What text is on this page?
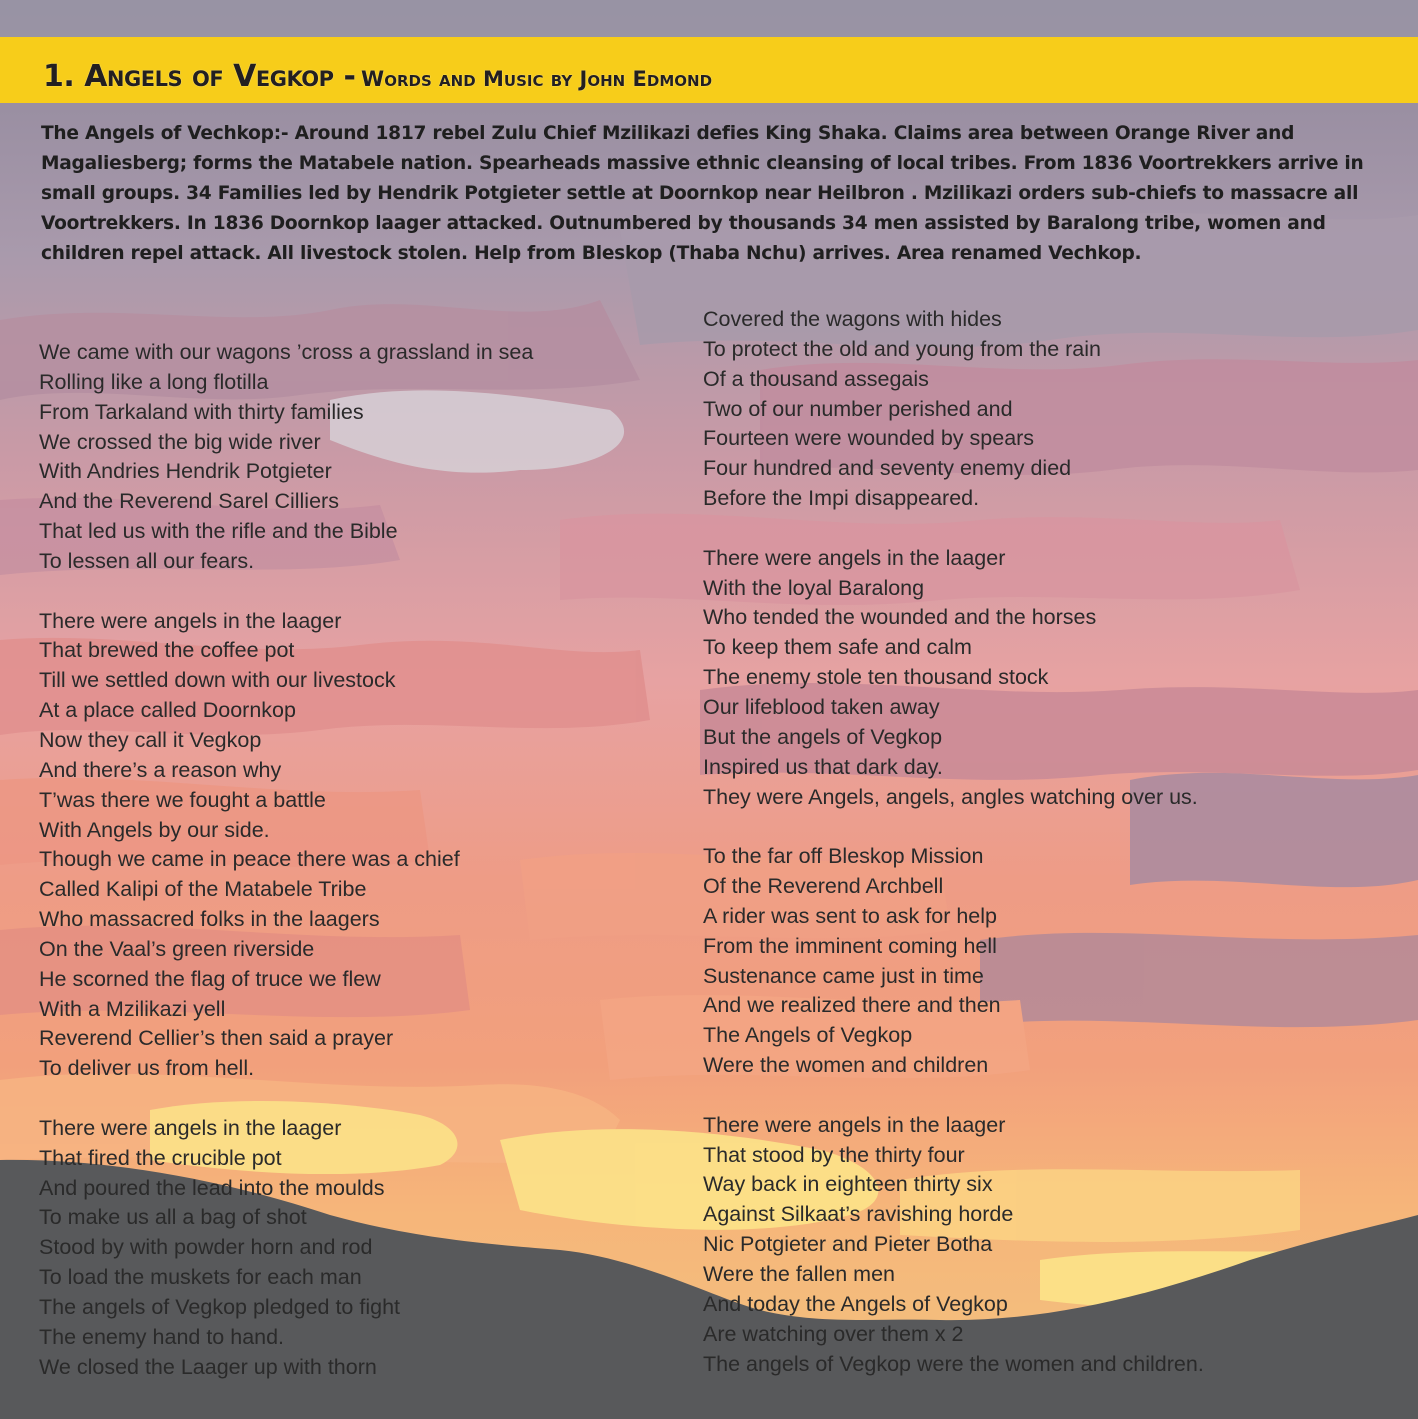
1. Angels of Vegkop - Words and Music by John Edmond
The Angels of Vechkop:- Around 1817 rebel Zulu Chief Mzilikazi defies King Shaka. Claims area between Orange River and Magaliesberg; forms the Matabele nation. Spearheads massive ethnic cleansing of local tribes. From 1836 Voortrekkers arrive in small groups. 34 Families led by Hendrik Potgieter settle at Doornkop near Heilbron . Mzilikazi orders sub-chiefs to massacre all Voortrekkers. In 1836 Doornkop laager attacked. Outnumbered by thousands 34 men assisted by Baralong tribe, women and children repel attack. All livestock stolen. Help from Bleskop (Thaba Nchu) arrives. Area renamed Vechkop.
We came with our wagons ’cross a grassland in sea
Rolling like a long flotilla
From Tarkaland with thirty families
We crossed the big wide river
With Andries Hendrik Potgieter
And the Reverend Sarel Cilliers
That led us with the rifle and the Bible
To lessen all our fears.
There were angels in the laager
That brewed the coffee pot
Till we settled down with our livestock
At a place called Doornkop
Now they call it Vegkop
And there’s a reason why
T’was there we fought a battle
With Angels by our side.
Though we came in peace there was a chief
Called Kalipi of the Matabele Tribe
Who massacred folks in the laagers
On the Vaal’s green riverside
He scorned the flag of truce we flew
With a Mzilikazi yell
Reverend Cellier’s then said a prayer
To deliver us from hell.
There were angels in the laager
That fired the crucible pot
And poured the lead into the moulds
To make us all a bag of shot
Stood by with powder horn and rod
To load the muskets for each man
The angels of Vegkop pledged to fight
The enemy hand to hand.
We closed the Laager up with thorn
Covered the wagons with hides
To protect the old and young from the rain
Of a thousand assegais
Two of our number perished and
Fourteen were wounded by spears
Four hundred and seventy enemy died
Before the Impi disappeared.
There were angels in the laager
With the loyal Baralong
Who tended the wounded and the horses
To keep them safe and calm
The enemy stole ten thousand stock
Our lifeblood taken away
But the angels of Vegkop
Inspired us that dark day.
They were Angels, angels, angles watching over us.
To the far off Bleskop Mission
Of the Reverend Archbell
A rider was sent to ask for help
From the imminent coming hell
Sustenance came just in time
And we realized there and then
The Angels of Vegkop
Were the women and children
There were angels in the laager
That stood by the thirty four
Way back in eighteen thirty six
Against Silkaat’s ravishing horde
Nic Potgieter and Pieter Botha
Were the fallen men
And today the Angels of Vegkop
Are watching over them x 2
The angels of Vegkop were the women and children.
